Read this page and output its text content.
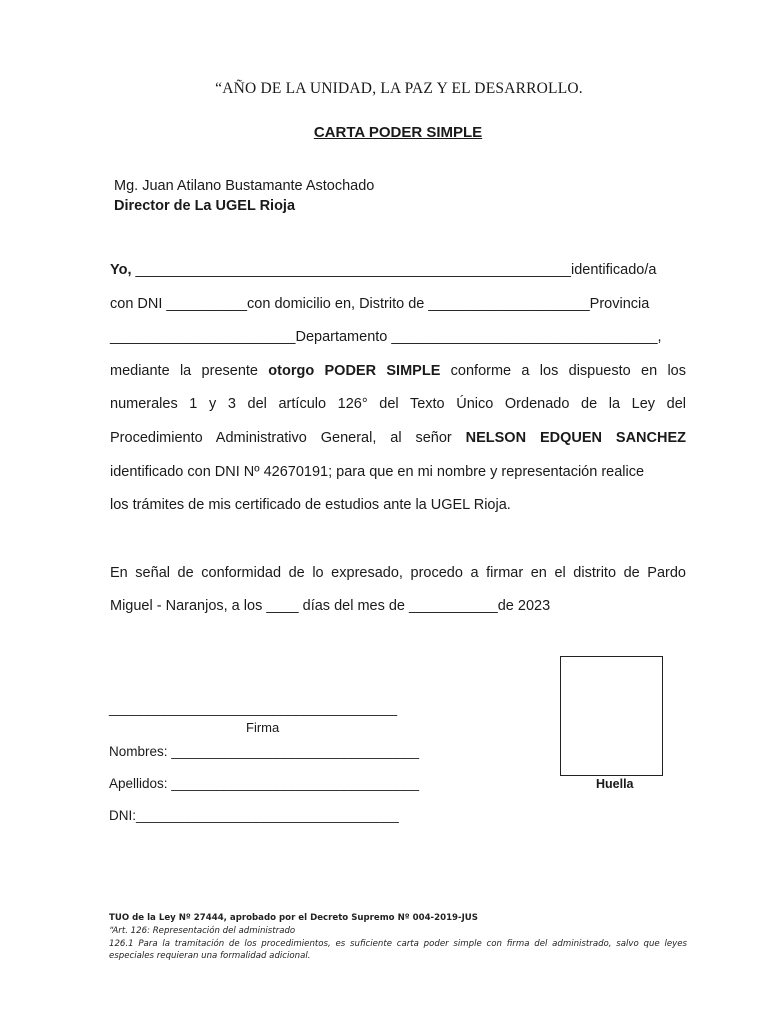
“AÑO DE LA UNIDAD, LA PAZ Y EL DESARROLLO.
CARTA PODER SIMPLE
Mg. Juan Atilano Bustamante Astochado
Director de La UGEL Rioja
Yo, ______________________________________________________identificado/a
con DNI __________con domicilio en, Distrito de ____________________Provincia
_______________________Departamento _________________________________,
mediante la presente otorgo PODER SIMPLE conforme a los dispuesto en los
numerales 1 y 3 del artículo 126° del Texto Único Ordenado de la Ley del
Procedimiento Administrativo General, al señor NELSON EDQUEN SANCHEZ
identificado con DNI Nº 42670191; para que en mi nombre y representación realice
los trámites de mis certificado de estudios ante la UGEL Rioja.
En señal de conformidad de lo expresado, procedo a firmar en el distrito de Pardo
Miguel - Naranjos, a los ____ días del mes de ___________de 2023
_____________________________________
Firma
Nombres: _________________________________
Apellidos: _________________________________
DNI:___________________________________
Huella
TUO de la Ley Nº 27444, aprobado por el Decreto Supremo Nº 004-2019-JUS
“Art. 126: Representación del administrado
126.1 Para la tramitación de los procedimientos, es suficiente carta poder simple con firma del administrado, salvo que leyes especiales requieran una formalidad adicional.
